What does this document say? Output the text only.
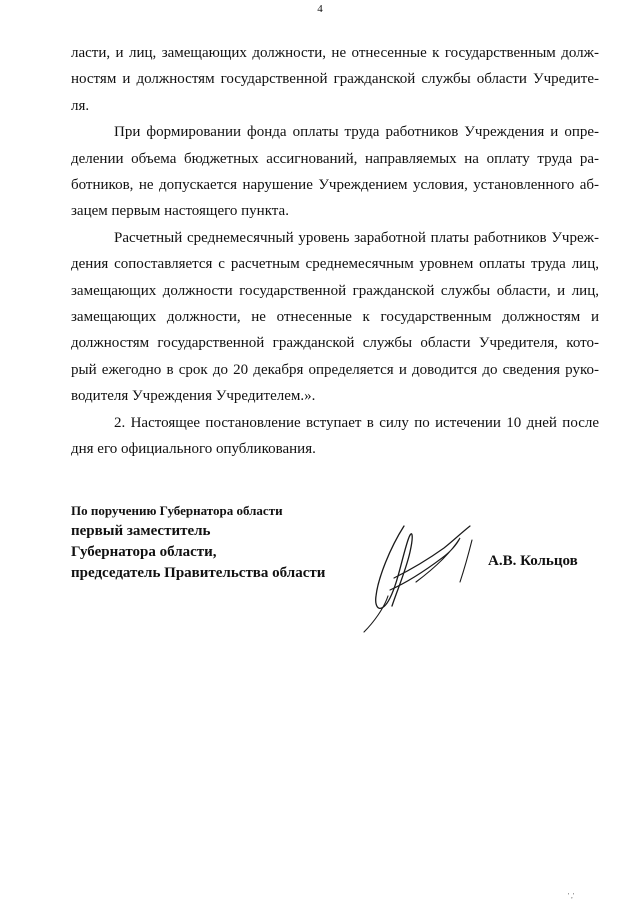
4
ласти, и лиц, замещающих должности, не отнесенные к государственным долж-
ностям и должностям государственной гражданской службы области Учредите-
ля.
При формировании фонда оплаты труда работников Учреждения и опре-
делении объема бюджетных ассигнований, направляемых на оплату труда ра-
ботников, не допускается нарушение Учреждением условия, установленного аб-
зацем первым настоящего пункта.
Расчетный среднемесячный уровень заработной платы работников Учреж-
дения сопоставляется с расчетным среднемесячным уровнем оплаты труда лиц,
замещающих должности государственной гражданской службы области, и лиц,
замещающих должности, не отнесенные к государственным должностям и
должностям государственной гражданской службы области Учредителя, кото-
рый ежегодно в срок до 20 декабря определяется и доводится до сведения руко-
водителя Учреждения Учредителем.».
2. Настоящее постановление вступает в силу по истечении 10 дней после
дня его официального опубликования.
По поручению Губернатора области
первый заместитель
Губернатора области,
председатель Правительства области
А.В. Кольцов
' ,'
